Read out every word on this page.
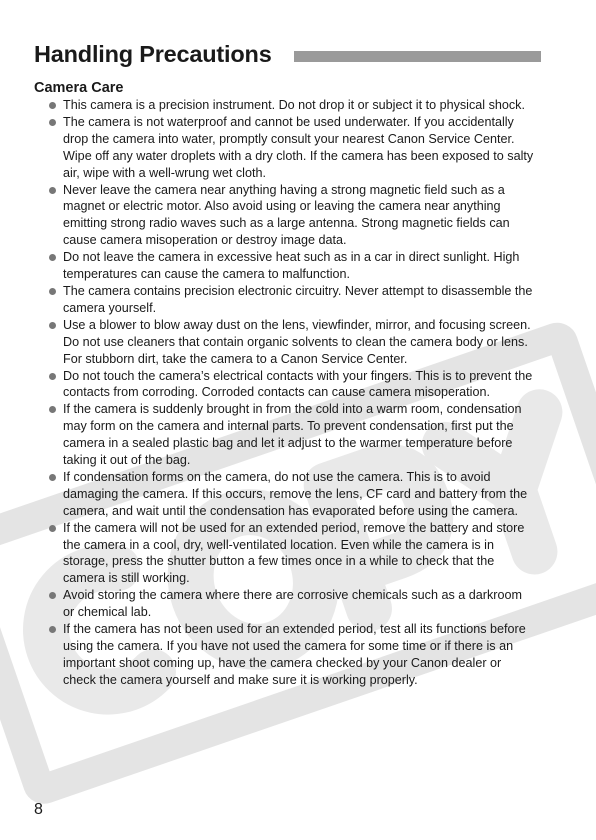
Handling Precautions
Camera Care
This camera is a precision instrument. Do not drop it or subject it to physical shock.
The camera is not waterproof and cannot be used underwater. If you accidentally drop the camera into water, promptly consult your nearest Canon Service Center. Wipe off any water droplets with a dry cloth. If the camera has been exposed to salty air, wipe with a well-wrung wet cloth.
Never leave the camera near anything having a strong magnetic field such as a magnet or electric motor. Also avoid using or leaving the camera near anything emitting strong radio waves such as a large antenna. Strong magnetic fields can cause camera misoperation or destroy image data.
Do not leave the camera in excessive heat such as in a car in direct sunlight. High temperatures can cause the camera to malfunction.
The camera contains precision electronic circuitry. Never attempt to disassemble the camera yourself.
Use a blower to blow away dust on the lens, viewfinder, mirror, and focusing screen. Do not use cleaners that contain organic solvents to clean the camera body or lens. For stubborn dirt, take the camera to a Canon Service Center.
Do not touch the camera’s electrical contacts with your fingers. This is to prevent the contacts from corroding. Corroded contacts can cause camera misoperation.
If the camera is suddenly brought in from the cold into a warm room, condensation may form on the camera and internal parts. To prevent condensation, first put the camera in a sealed plastic bag and let it adjust to the warmer temperature before taking it out of the bag.
If condensation forms on the camera, do not use the camera. This is to avoid damaging the camera. If this occurs, remove the lens, CF card and battery from the camera, and wait until the condensation has evaporated before using the camera.
If the camera will not be used for an extended period, remove the battery and store the camera in a cool, dry, well-ventilated location. Even while the camera is in storage, press the shutter button a few times once in a while to check that the camera is still working.
Avoid storing the camera where there are corrosive chemicals such as a darkroom or chemical lab.
If the camera has not been used for an extended period, test all its functions before using the camera. If you have not used the camera for some time or if there is an important shoot coming up, have the camera checked by your Canon dealer or check the camera yourself and make sure it is working properly.
8
